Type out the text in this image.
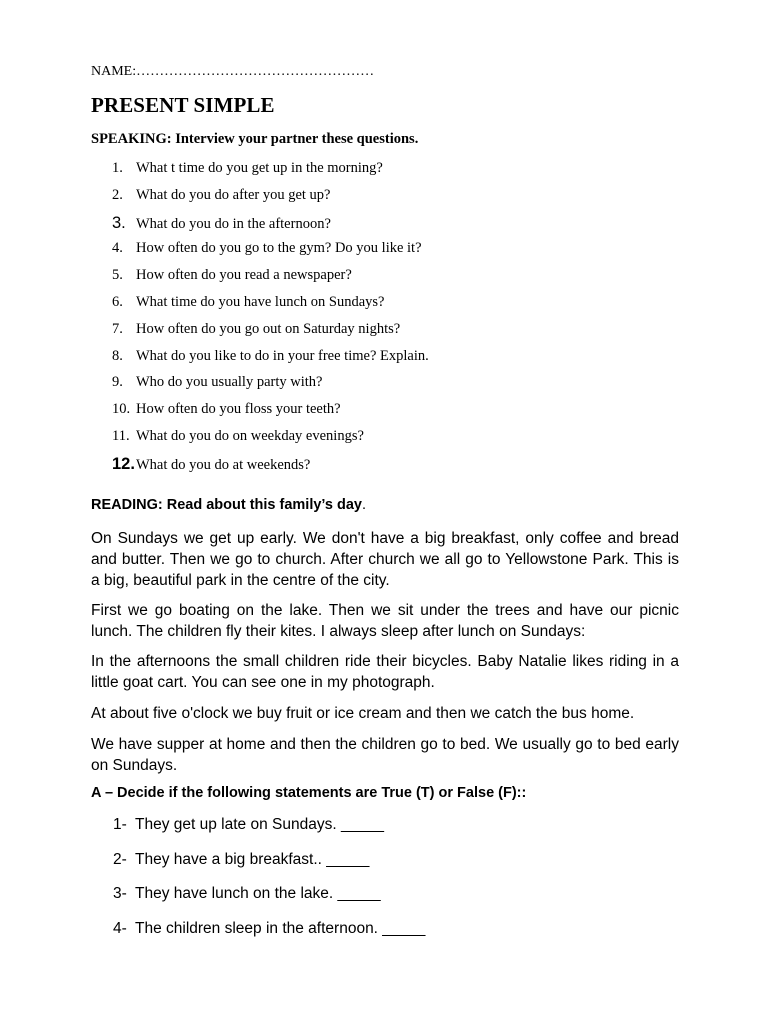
NAME:……………………………………………
PRESENT SIMPLE
SPEAKING: Interview your partner these questions.
1. What t time do you get up in the morning?
2. What do you do after you get up?
3. What do you do in the afternoon?
4. How often do you go to the gym? Do you like it?
5. How often do you read a newspaper?
6. What time do you have lunch on Sundays?
7. How often do you go out on Saturday nights?
8. What do you like to do in your free time? Explain.
9. Who do you usually party with?
10. How often do you floss your teeth?
11. What do you do on weekday evenings?
12. What do you do at weekends?
READING: Read about this family’s day.

On Sundays we get up early. We don't have a big breakfast, only coffee and bread and butter. Then we go to church. After church we all go to Yellowstone Park. This is a big, beautiful park in the centre of the city.

First we go boating on the lake. Then we sit under the trees and have our picnic lunch. The children fly their kites. I always sleep after lunch on Sundays:

In the afternoons the small children ride their bicycles. Baby Natalie likes riding in a little goat cart. You can see one in my photograph.

At about five o'clock we buy fruit or ice cream and then we catch the bus home.

We have supper at home and then the children go to bed. We usually go to bed early on Sundays.

A – Decide if the following statements are True (T) or False (F)::
1- They get up late on Sundays. _____
2- They have a big breakfast.. _____
3- They have lunch on the lake. _____
4- The children sleep in the afternoon. _____
